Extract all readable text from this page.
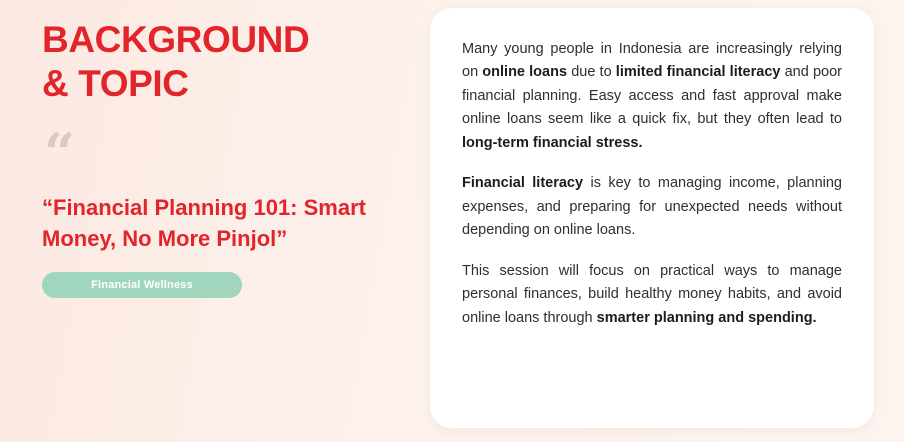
BACKGROUND
& TOPIC
“
“Financial Planning 101: Smart Money, No More Pinjol”
Financial Wellness

Many young people in Indonesia are increasingly relying on online loans due to limited financial literacy and poor financial planning. Easy access and fast approval make online loans seem like a quick fix, but they often lead to long-term financial stress.

Financial literacy is key to managing income, planning expenses, and preparing for unexpected needs without depending on online loans.

This session will focus on practical ways to manage personal finances, build healthy money habits, and avoid online loans through smarter planning and spending.
